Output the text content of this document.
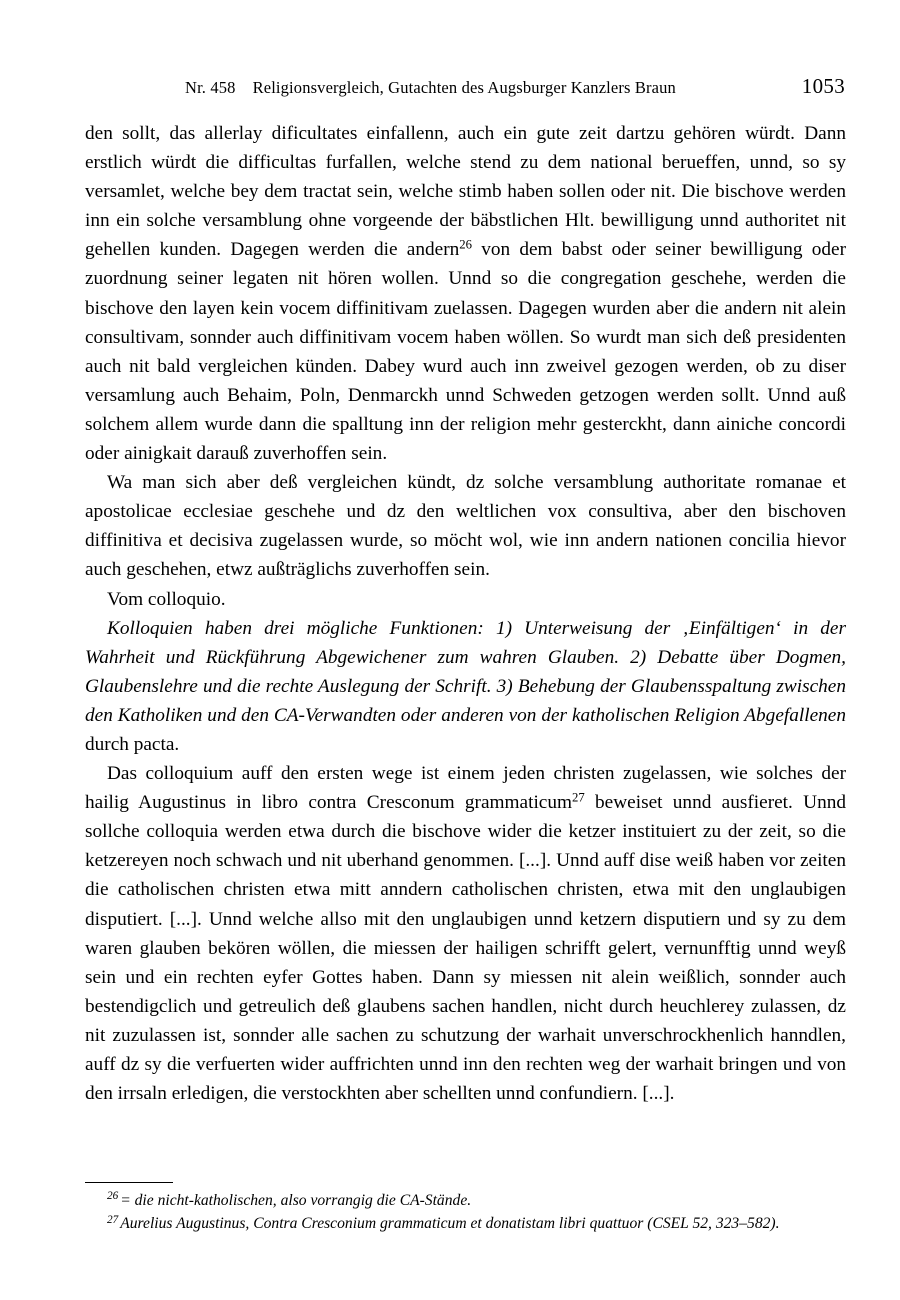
Nr. 458 Religionsvergleich, Gutachten des Augsburger Kanzlers Braun	1053

den sollt, das allerlay dificultates einfallenn, auch ein gute zeit dartzu gehören würdt. Dann erstlich würdt die difficultas furfallen, welche stend zu dem national berueffen, unnd, so sy versamlet, welche bey dem tractat sein, welche stimb haben sollen oder nit. Die bischove werden inn ein solche versamblung ohne vorgeende der bäbstlichen Hlt. bewilligung unnd authoritet nit gehellen kunden. Dagegen werden die andern$^{26}$ von dem babst oder seiner bewilligung oder zuordnung seiner legaten nit hören wollen. Unnd so die congregation geschehe, werden die bischove den layen kein vocem diffinitivam zuelassen. Dagegen wurden aber die andern nit alein consultivam, sonnder auch diffinitivam vocem haben wöllen. So wurdt man sich deß presidenten auch nit bald vergleichen künden. Dabey wurd auch inn zweivel gezogen werden, ob zu diser versamlung auch Behaim, Poln, Denmarckh unnd Schweden getzogen werden sollt. Unnd auß solchem allem wurde dann die spalltung inn der religion mehr gesterckht, dann ainiche concordi oder ainigkait darauß zuverhoffen sein.

Wa man sich aber deß vergleichen kündt, dz solche versamblung authoritate romanae et apostolicae ecclesiae geschehe und dz den weltlichen vox consultiva, aber den bischoven diffinitiva et decisiva zugelassen wurde, so möcht wol, wie inn andern nationen concilia hievor auch geschehen, etwz außträglichs zuverhoffen sein.

Vom colloquio.

Kolloquien haben drei mögliche Funktionen: 1) Unterweisung der ‚Einfältigen‘ in der Wahrheit und Rückführung Abgewichener zum wahren Glauben. 2) Debatte über Dogmen, Glaubenslehre und die rechte Auslegung der Schrift. 3) Behebung der Glaubensspaltung zwischen den Katholiken und den CA-Verwandten oder anderen von der katholischen Religion Abgefallenen durch pacta.

Das colloquium auff den ersten wege ist einem jeden christen zugelassen, wie solches der hailig Augustinus in libro contra Cresconum grammaticum$^{27}$ beweiset unnd ausfieret. Unnd sollche colloquia werden etwa durch die bischove wider die ketzer instituiert zu der zeit, so die ketzereyen noch schwach und nit uberhand genommen. [...]. Unnd auff dise weiß haben vor zeiten die catholischen christen etwa mitt anndern catholischen christen, etwa mit den unglaubigen disputiert. [...]. Unnd welche allso mit den unglaubigen unnd ketzern disputiern und sy zu dem waren glauben bekören wöllen, die miessen der hailigen schrifft gelert, vernunfftig unnd weyß sein und ein rechten eyfer Gottes haben. Dann sy miessen nit alein weißlich, sonnder auch bestendigclich und getreulich deß glaubens sachen handlen, nicht durch heuchlerey zulassen, dz nit zuzulassen ist, sonnder alle sachen zu schutzung der warhait unverschrockhenlich hanndlen, auff dz sy die verfuerten wider auffrichten unnd inn den rechten weg der warhait bringen und von den irrsaln erledigen, die verstockhten aber schellten unnd confundiern. [...].

$^{26}$ = die nicht-katholischen, also vorrangig die CA-Stände.

$^{27}$ Aurelius Augustinus, Contra Cresconium grammaticum et donatistam libri quattuor (CSEL 52, 323–582).
